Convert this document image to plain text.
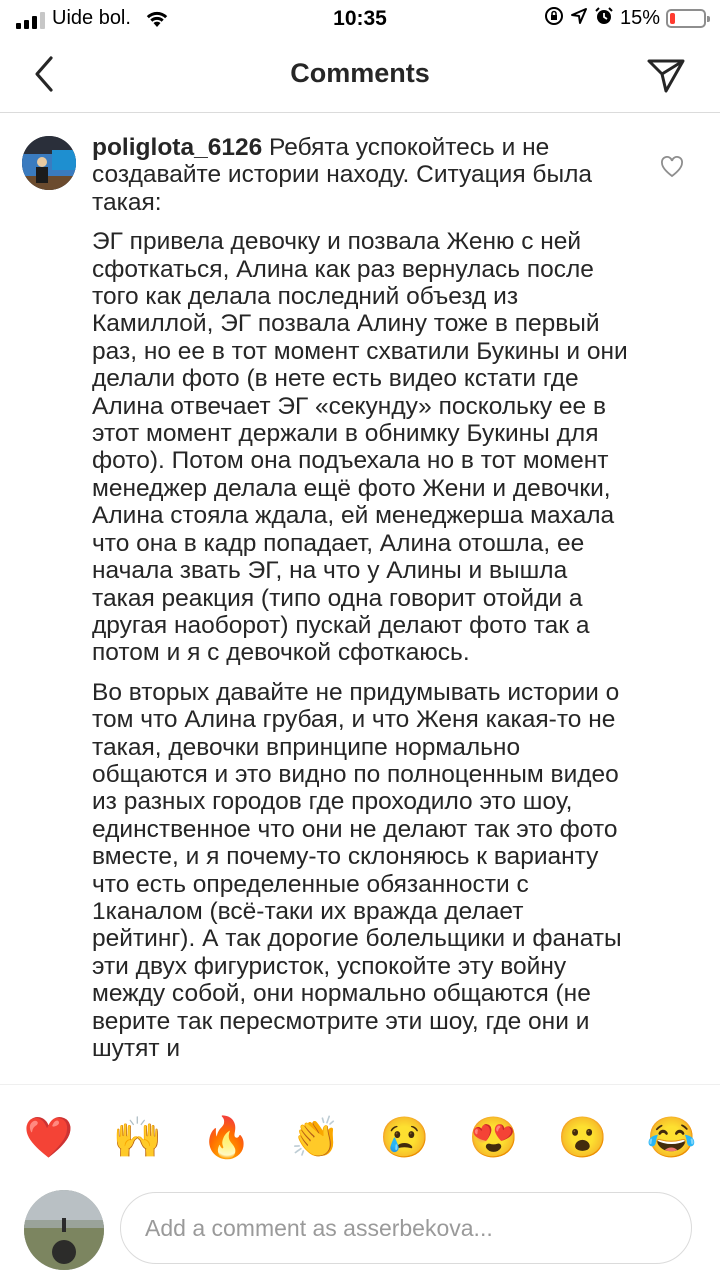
Uide bol.	10:35	15%
Comments
poliglota_6126 Ребята успокойтесь и не создавайте истории находу. Ситуация была такая:
ЭГ привела девочку и позвала Женю с ней сфоткаться, Алина как раз вернулась после того как делала последний объезд из Камиллой, ЭГ позвала Алину тоже в первый раз, но ее в тот момент схватили Букины и они делали фото (в нете есть видео кстати где Алина отвечает ЭГ «секунду» поскольку ее в этот момент держали в обнимку Букины для фото). Потом она подъехала но в тот момент менеджер делала ещё фото Жени и девочки, Алина стояла ждала, ей менеджерша махала что она в кадр попадает, Алина отошла, ее начала звать ЭГ, на что у Алины и вышла такая реакция (типо одна говорит отойди а другая наоборот) пускай делают фото так а потом и я с девочкой сфоткаюсь.
Во вторых давайте не придумывать истории о том что Алина грубая, и что Женя какая-то не такая, девочки впринципе нормально общаются и это видно по полноценным видео из разных городов где проходило это шоу, единственное что они не делают так это фото вместе, и я почему-то склоняюсь к варианту что есть определенные обязанности с 1каналом (всё-таки их вражда делает рейтинг). А так дорогие болельщики и фанаты эти двух фигуристок, успокойте эту войну между собой, они нормально общаются (не верите так пересмотрите эти шоу, где они и шутят и
❤️ 🙌 🔥 👏 😢 😍 😮 😂
Add a comment as asserbekova...
